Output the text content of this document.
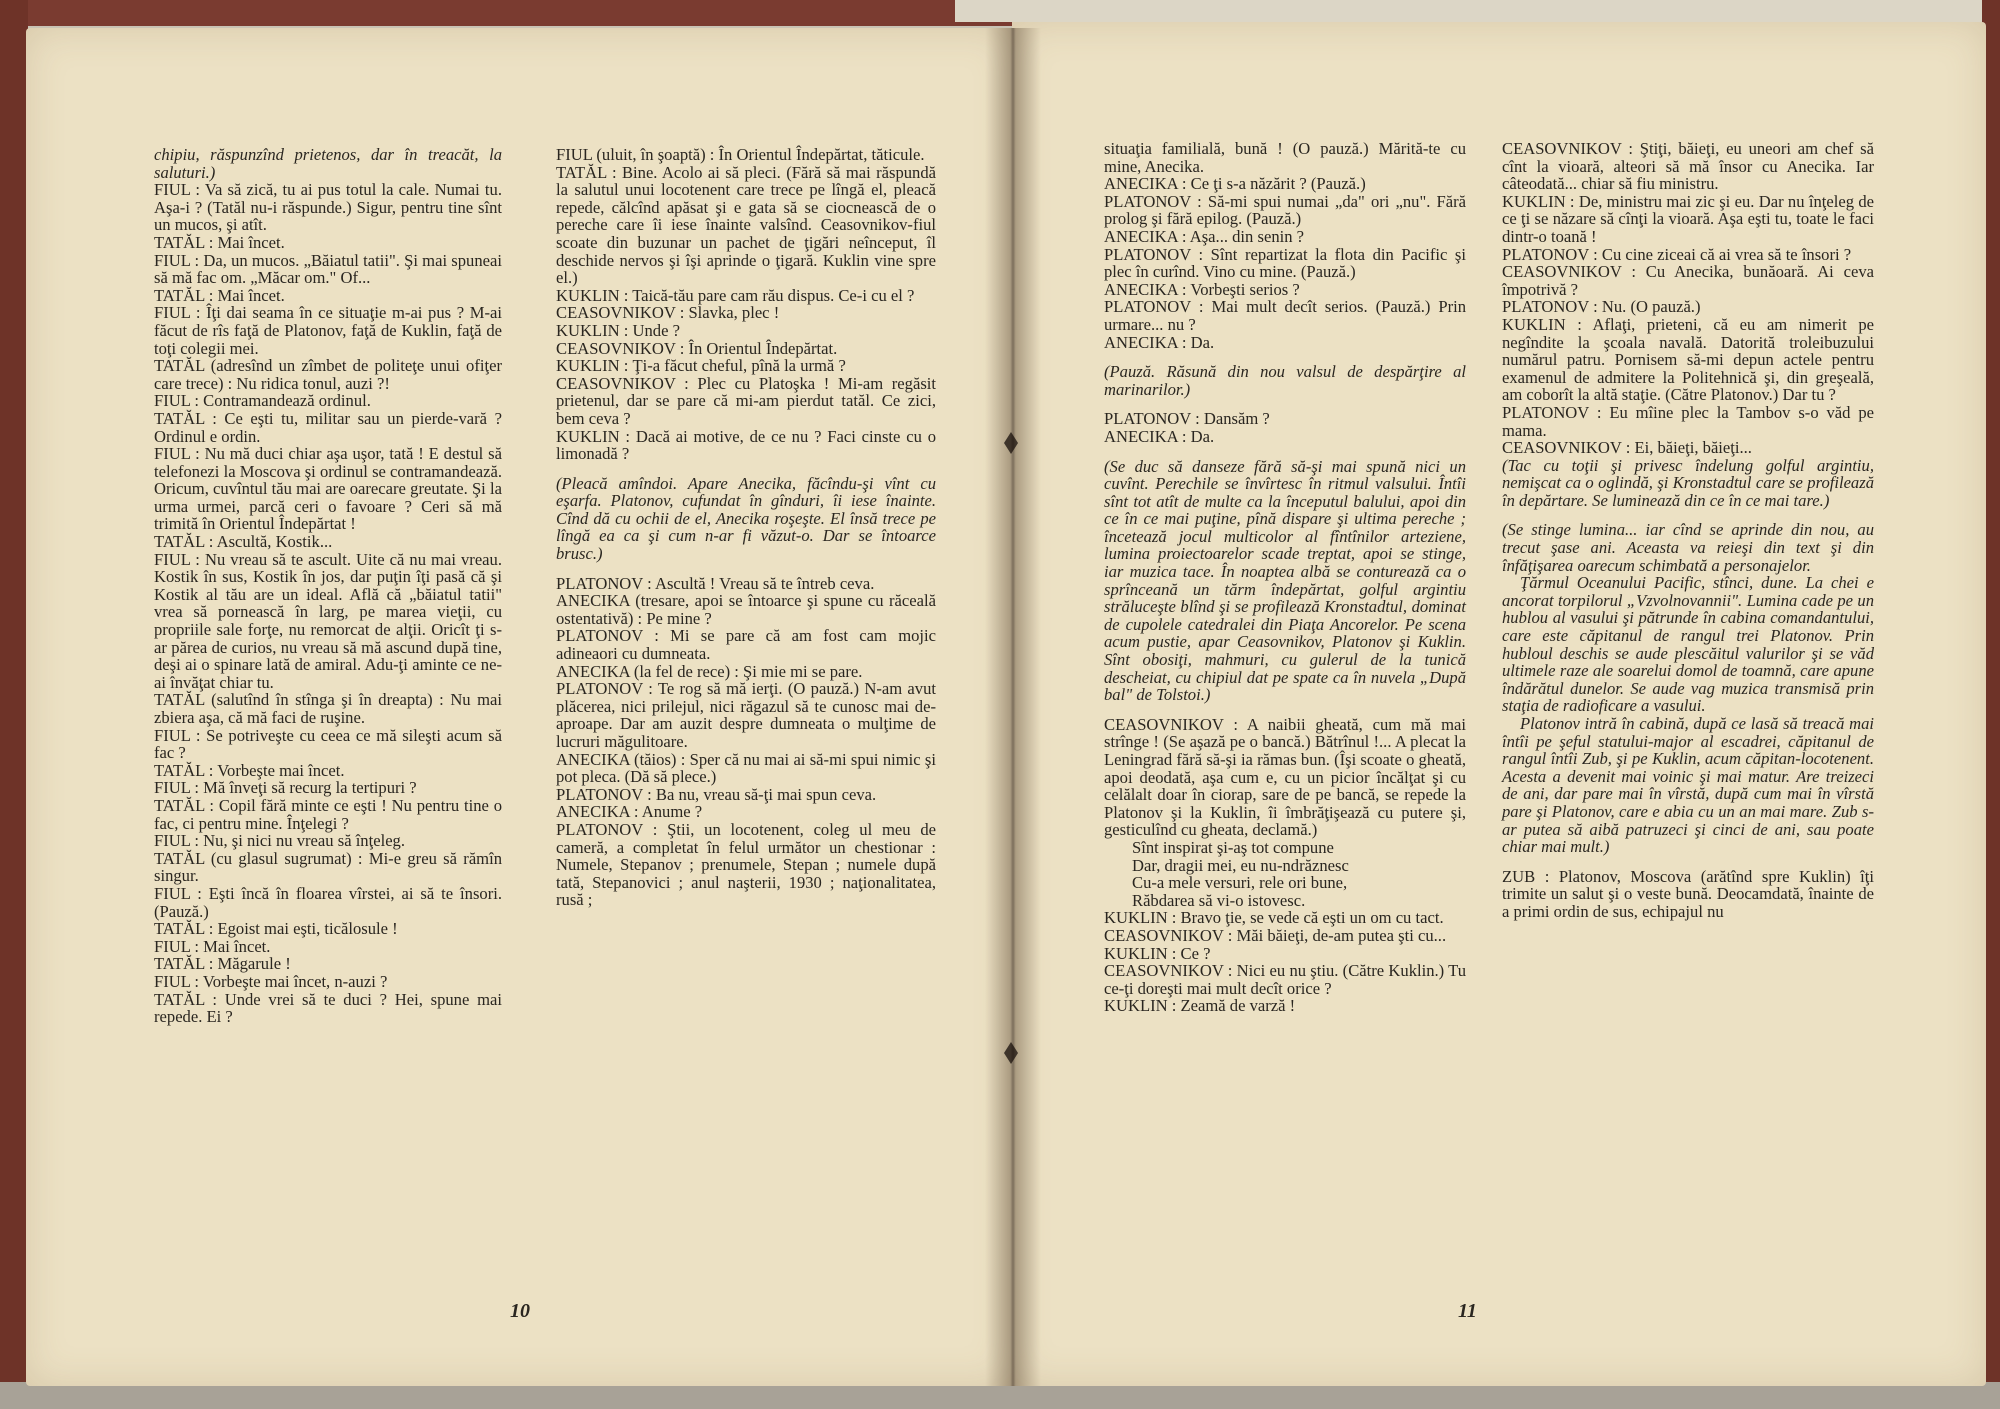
chipiu, răspunzînd prietenos, dar în treacăt, la saluturi.)

FIUL : Va să zică, tu ai pus totul la cale. Numai tu. Aşa-i ? (Tatăl nu-i răspunde.) Sigur, pentru tine sînt un mucos, şi atît.

TATĂL : Mai încet.

FIUL : Da, un mucos. „Băiatul tatii". Şi mai spuneai să mă fac om. „Măcar om." Of...

TATĂL : Mai încet.

FIUL : Îţi dai seama în ce situaţie m-ai pus ? M-ai făcut de rîs faţă de Platonov, faţă de Kuklin, faţă de toţi colegii mei.

TATĂL (adresînd un zîmbet de politeţe unui ofiţer care trece) : Nu ridica tonul, auzi ?!

FIUL : Contramandează ordinul.

TATĂL : Ce eşti tu, militar sau un pierde-vară ? Ordinul e ordin.

FIUL : Nu mă duci chiar aşa uşor, tată ! E destul să telefonezi la Moscova şi ordinul se contramandează. Oricum, cuvîntul tău mai are oarecare greutate. Şi la urma urmei, parcă ceri o favoare ? Ceri să mă trimită în Orientul Îndepărtat !

TATĂL : Ascultă, Kostik...

FIUL : Nu vreau să te ascult. Uite că nu mai vreau. Kostik în sus, Kostik în jos, dar puţin îţi pasă că şi Kostik al tău are un ideal. Află că „băiatul tatii" vrea să pornească în larg, pe marea vieţii, cu propriile sale forţe, nu remorcat de alţii. Oricît ţi s-ar părea de curios, nu vreau să mă ascund după tine, deşi ai o spinare lată de amiral. Adu-ţi aminte ce ne-ai învăţat chiar tu.

TATĂL (salutînd în stînga şi în dreapta) : Nu mai zbiera aşa, că mă faci de ruşine.

FIUL : Se potriveşte cu ceea ce mă sileşti acum să fac ?

TATĂL : Vorbeşte mai încet.

FIUL : Mă înveţi să recurg la tertipuri ?

TATĂL : Copil fără minte ce eşti ! Nu pentru tine o fac, ci pentru mine. Înţelegi ?

FIUL : Nu, şi nici nu vreau să înţeleg.

TATĂL (cu glasul sugrumat) : Mi-e greu să rămîn singur.

FIUL : Eşti încă în floarea vîrstei, ai să te însori. (Pauză.)

TATĂL : Egoist mai eşti, ticălosule !

FIUL : Mai încet.

TATĂL : Măgarule !

FIUL : Vorbeşte mai încet, n-auzi ?

TATĂL : Unde vrei să te duci ? Hei, spune mai repede. Ei ?

FIUL (uluit, în şoaptă) : În Orientul Îndepărtat, tăticule.

TATĂL : Bine. Acolo ai să pleci. (Fără să mai răspundă la salutul unui locotenent care trece pe lîngă el, pleacă repede, călcînd apăsat şi e gata să se ciocnească de o pereche care îi iese înainte valsînd. Ceasovnikov-fiul scoate din buzunar un pachet de ţigări neînceput, îl deschide nervos şi îşi aprinde o ţigară. Kuklin vine spre el.)

KUKLIN : Taică-tău pare cam rău dispus. Ce-i cu el ?

CEASOVNIKOV : Slavka, plec !

KUKLIN : Unde ?

CEASOVNIKOV : În Orientul Îndepărtat.

KUKLIN : Ţi-a făcut cheful, pînă la urmă ?

CEASOVNIKOV : Plec cu Platoşka ! Mi-am regăsit prietenul, dar se pare că mi-am pierdut tatăl. Ce zici, bem ceva ?

KUKLIN : Dacă ai motive, de ce nu ? Faci cinste cu o limonadă ?

(Pleacă amîndoi. Apare Anecika, făcîndu-şi vînt cu eşarfa. Platonov, cufundat în gînduri, îi iese înainte. Cînd dă cu ochii de el, Anecika roşeşte. El însă trece pe lîngă ea ca şi cum n-ar fi văzut-o. Dar se întoarce brusc.)

PLATONOV : Ascultă ! Vreau să te întreb ceva.

ANECIKA (tresare, apoi se întoarce şi spune cu răceală ostentativă) : Pe mine ?

PLATONOV : Mi se pare că am fost cam mojic adineaori cu dumneata.

ANECIKA (la fel de rece) : Şi mie mi se pare.

PLATONOV : Te rog să mă ierţi. (O pauză.) N-am avut plăcerea, nici prilejul, nici răgazul să te cunosc mai de-aproape. Dar am auzit despre dumneata o mulţime de lucruri măgulitoare.

ANECIKA (tăios) : Sper că nu mai ai să-mi spui nimic şi pot pleca. (Dă să plece.)

PLATONOV : Ba nu, vreau să-ţi mai spun ceva.

ANECIKA : Anume ?

PLATONOV : Ştii, un locotenent, coleg ul meu de cameră, a completat în felul următor un chestionar : Numele, Stepanov ; prenumele, Stepan ; numele după tată, Stepanovici ; anul naşterii, 1930 ; naţionalitatea, rusă ;

10

situaţia familială, bună ! (O pauză.) Mărită-te cu mine, Anecika.

ANECIKA : Ce ţi s-a năzărit ? (Pauză.)

PLATONOV : Să-mi spui numai „da" ori „nu". Fără prolog şi fără epilog. (Pauză.)

ANECIKA : Aşa... din senin ?

PLATONOV : Sînt repartizat la flota din Pacific şi plec în curînd. Vino cu mine. (Pauză.)

ANECIKA : Vorbeşti serios ?

PLATONOV : Mai mult decît serios. (Pauză.) Prin urmare... nu ?

ANECIKA : Da.

(Pauză. Răsună din nou valsul de despărţire al marinarilor.)

PLATONOV : Dansăm ?

ANECIKA : Da.

(Se duc să danseze fără să-şi mai spună nici un cuvînt. Perechile se învîrtesc în ritmul valsului. Întîi sînt tot atît de multe ca la începutul balului, apoi din ce în ce mai puţine, pînă dispare şi ultima pereche ; încetează jocul multicolor al fîntînilor arteziene, lumina proiectoarelor scade treptat, apoi se stinge, iar muzica tace. În noaptea albă se conturează ca o sprînceană un tărm îndepărtat, golful argintiu străluceşte blînd şi se profilează Kronstadtul, dominat de cupolele catedralei din Piaţa Ancorelor. Pe scena acum pustie, apar Ceasovnikov, Platonov şi Kuklin. Sînt obosiţi, mahmuri, cu gulerul de la tunică descheiat, cu chipiul dat pe spate ca în nuvela „După bal" de Tolstoi.)

CEASOVNIKOV : A naibii gheată, cum mă mai strînge ! (Se aşază pe o bancă.) Bătrînul !... A plecat la Leningrad fără să-şi ia rămas bun. (Îşi scoate o gheată, apoi deodată, aşa cum e, cu un picior încălţat şi cu celălalt doar în ciorap, sare de pe bancă, se repede la Platonov şi la Kuklin, îi îmbrăţişează cu putere şi, gesticulînd cu gheata, declamă.)

Sînt inspirat şi-aş tot compune

Dar, dragii mei, eu nu-ndrăznesc

Cu-a mele versuri, rele ori bune,

Răbdarea să vi-o istovesc.

KUKLIN : Bravo ţie, se vede că eşti un om cu tact.

CEASOVNIKOV : Măi băieţi, de-am putea şti cu...

KUKLIN : Ce ?

CEASOVNIKOV : Nici eu nu ştiu. (Către Kuklin.) Tu ce-ţi doreşti mai mult decît orice ?

KUKLIN : Zeamă de varză !

CEASOVNIKOV : Ştiţi, băieţi, eu uneori am chef să cînt la vioară, alteori să mă însor cu Anecika. Iar câteodată... chiar să fiu ministru.

KUKLIN : De, ministru mai zic şi eu. Dar nu înţeleg de ce ţi se năzare să cînţi la vioară. Aşa eşti tu, toate le faci dintr-o toană !

PLATONOV : Cu cine ziceai că ai vrea să te însori ?

CEASOVNIKOV : Cu Anecika, bunăoară. Ai ceva împotrivă ?

PLATONOV : Nu. (O pauză.)

KUKLIN : Aflaţi, prieteni, că eu am nimerit pe negîndite la şcoala navală. Datorită troleibuzului numărul patru. Pornisem să-mi depun actele pentru examenul de admitere la Politehnică şi, din greşeală, am coborît la altă staţie. (Către Platonov.) Dar tu ?

PLATONOV : Eu mîine plec la Tambov s-o văd pe mama.

CEASOVNIKOV : Ei, băieţi, băieţi...

(Tac cu toţii şi privesc îndelung golful argintiu, nemişcat ca o oglindă, şi Kronstadtul care se profilează în depărtare. Se luminează din ce în ce mai tare.)

(Se stinge lumina... iar cînd se aprinde din nou, au trecut şase ani. Aceasta va reieşi din text şi din înfăţişarea oarecum schimbată a personajelor.

Ţărmul Oceanului Pacific, stînci, dune. La chei e ancorat torpilorul „Vzvolnovannii". Lumina cade pe un hublou al vasului şi pătrunde în cabina comandantului, care este căpitanul de rangul trei Platonov. Prin hubloul deschis se aude plescăitul valurilor şi se văd ultimele raze ale soarelui domol de toamnă, care apune îndărătul dunelor. Se aude vag muzica transmisă prin staţia de radioficare a vasului.

Platonov intră în cabină, după ce lasă să treacă mai întîi pe şeful statului-major al escadrei, căpitanul de rangul întîi Zub, şi pe Kuklin, acum căpitan-locotenent. Acesta a devenit mai voinic şi mai matur. Are treizeci de ani, dar pare mai în vîrstă, după cum mai în vîrstă pare şi Platonov, care e abia cu un an mai mare. Zub s-ar putea să aibă patruzeci şi cinci de ani, sau poate chiar mai mult.)

ZUB : Platonov, Moscova (arătînd spre Kuklin) îţi trimite un salut şi o veste bună. Deocamdată, înainte de a primi ordin de sus, echipajul nu

11
